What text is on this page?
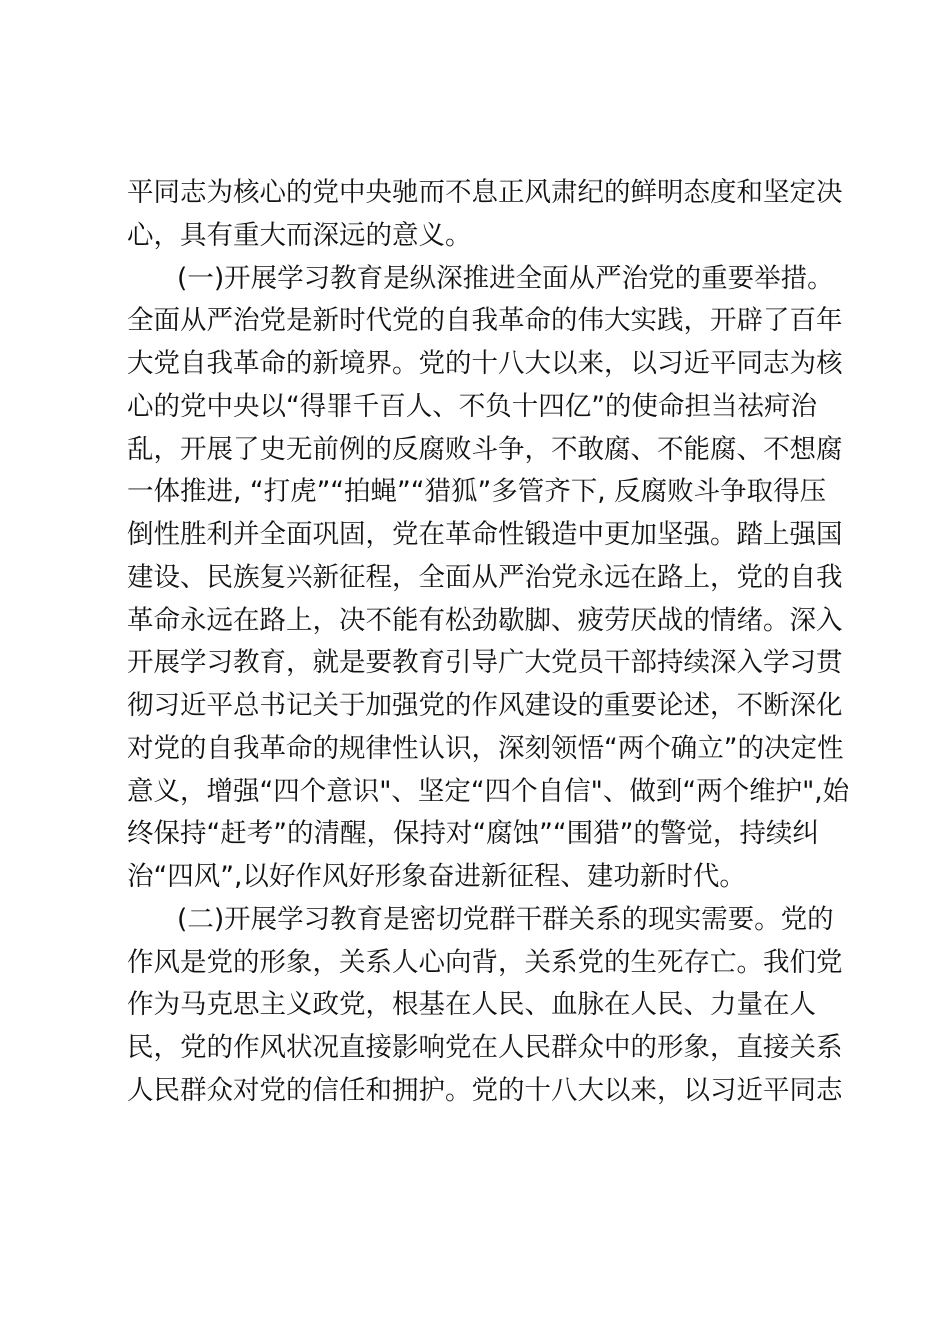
平同志为核心的党中央驰而不息正风肃纪的鲜明态度和坚定决
心，具有重大而深远的意义。
(一)开展学习教育是纵深推进全面从严治党的重要举措。
全面从严治党是新时代党的自我革命的伟大实践，开辟了百年
大党自我革命的新境界。党的十八大以来，以习近平同志为核
心的党中央以“得罪千百人、不负十四亿”的使命担当祛疴治
乱，开展了史无前例的反腐败斗争，不敢腐、不能腐、不想腐
一体推进, “打虎”“拍蝇”“猎狐”多管齐下, 反腐败斗争取得压
倒性胜利并全面巩固，党在革命性锻造中更加坚强。踏上强国
建设、民族复兴新征程，全面从严治党永远在路上，党的自我
革命永远在路上，决不能有松劲歇脚、疲劳厌战的情绪。深入
开展学习教育，就是要教育引导广大党员干部持续深入学习贯
彻习近平总书记关于加强党的作风建设的重要论述，不断深化
对党的自我革命的规律性认识，深刻领悟“两个确立”的决定性
意义，增强“四个意识"、坚定“四个自信"、做到“两个维护",始
终保持“赶考”的清醒，保持对“腐蚀”“围猎”的警觉，持续纠
治“四风”,以好作风好形象奋进新征程、建功新时代。
(二)开展学习教育是密切党群干群关系的现实需要。党的
作风是党的形象，关系人心向背，关系党的生死存亡。我们党
作为马克思主义政党，根基在人民、血脉在人民、力量在人
民，党的作风状况直接影响党在人民群众中的形象，直接关系
人民群众对党的信任和拥护。党的十八大以来，以习近平同志
